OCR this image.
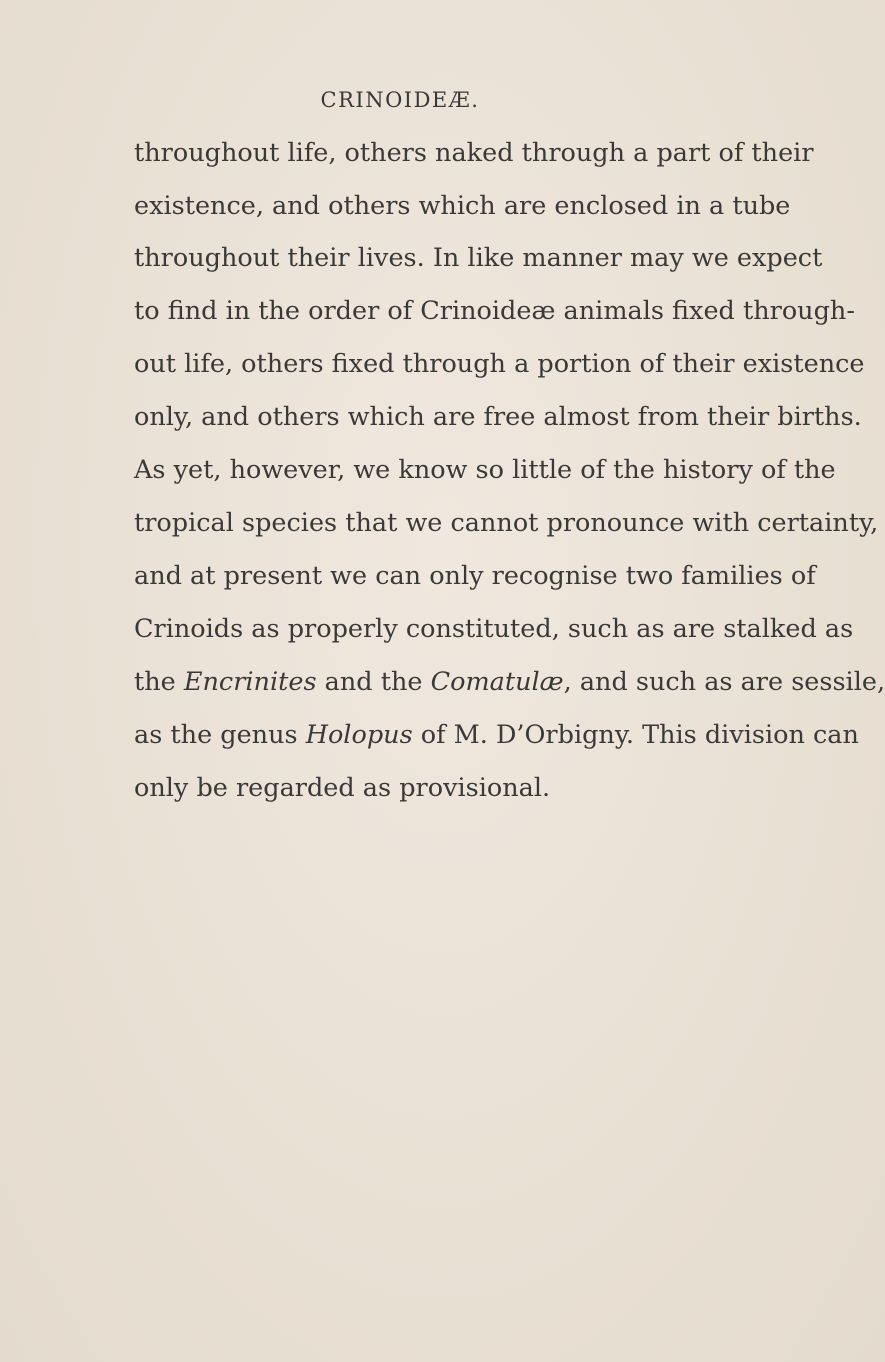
CRINOIDEÆ.
throughout life, others naked through a part of their
existence, and others which are enclosed in a tube
throughout their lives. In like manner may we expect
to find in the order of Crinoideæ animals fixed through-
out life, others fixed through a portion of their existence
only, and others which are free almost from their births.
As yet, however, we know so little of the history of the
tropical species that we cannot pronounce with certainty,
and at present we can only recognise two families of
Crinoids as properly constituted, such as are stalked as
the Encrinites and the Comatulæ, and such as are sessile,
as the genus Holopus of M. D’Orbigny. This division can
only be regarded as provisional.
